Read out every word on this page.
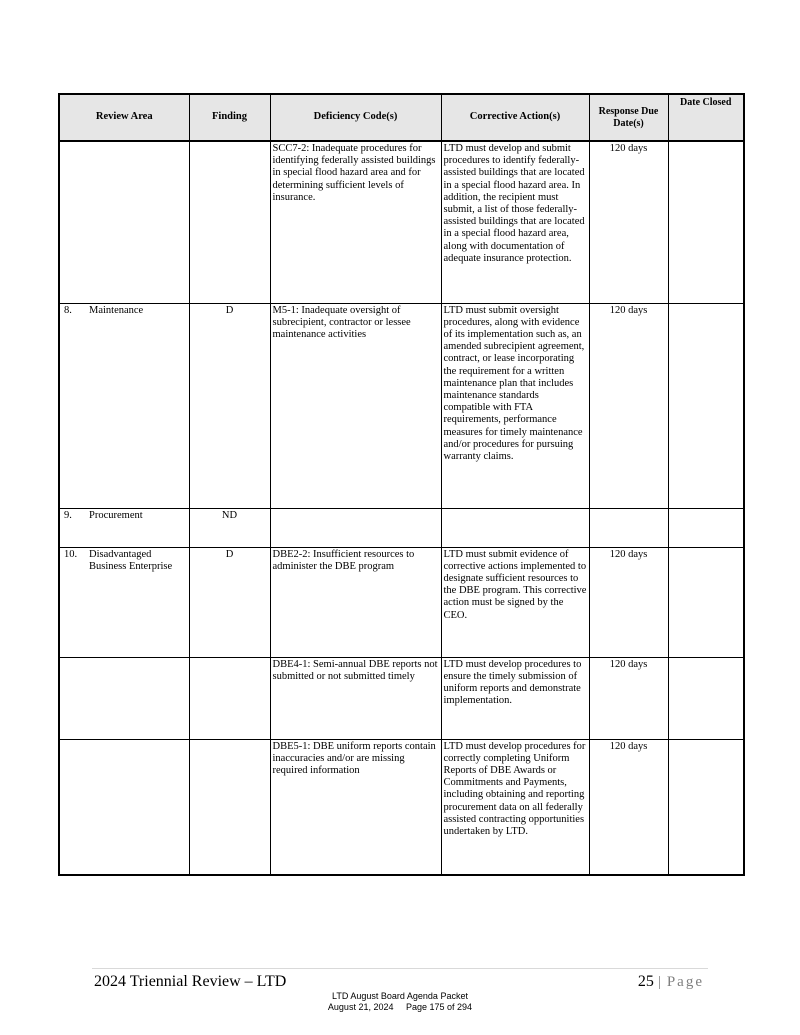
Review Area	Finding	Deficiency Code(s)	Corrective Action(s)	Response Due Date(s)	Date Closed

		SCC7-2: Inadequate procedures for identifying federally assisted buildings in special flood hazard area and for determining sufficient levels of insurance.	LTD must develop and submit procedures to identify federally-assisted buildings that are located in a special flood hazard area. In addition, the recipient must submit, a list of those federally-assisted buildings that are located in a special flood hazard area, along with documentation of adequate insurance protection.	120 days	

8. Maintenance	D	M5-1: Inadequate oversight of subrecipient, contractor or lessee maintenance activities	LTD must submit oversight procedures, along with evidence of its implementation such as, an amended subrecipient agreement, contract, or lease incorporating the requirement for a written maintenance plan that includes maintenance standards compatible with FTA requirements, performance measures for timely maintenance and/or procedures for pursuing warranty claims.	120 days	

9. Procurement	ND				

10. Disadvantaged Business Enterprise	D	DBE2-2: Insufficient resources to administer the DBE program	LTD must submit evidence of corrective actions implemented to designate sufficient resources to the DBE program. This corrective action must be signed by the CEO.	120 days	

		DBE4-1: Semi-annual DBE reports not submitted or not submitted timely	LTD must develop procedures to ensure the timely submission of uniform reports and demonstrate implementation.	120 days	

		DBE5-1: DBE uniform reports contain inaccuracies and/or are missing required information	LTD must develop procedures for correctly completing Uniform Reports of DBE Awards or Commitments and Payments, including obtaining and reporting procurement data on all federally assisted contracting opportunities undertaken by LTD.	120 days	
2024 Triennial Review – LTD	25 | Page
LTD August Board Agenda Packet
August 21, 2024 Page 175 of 294
